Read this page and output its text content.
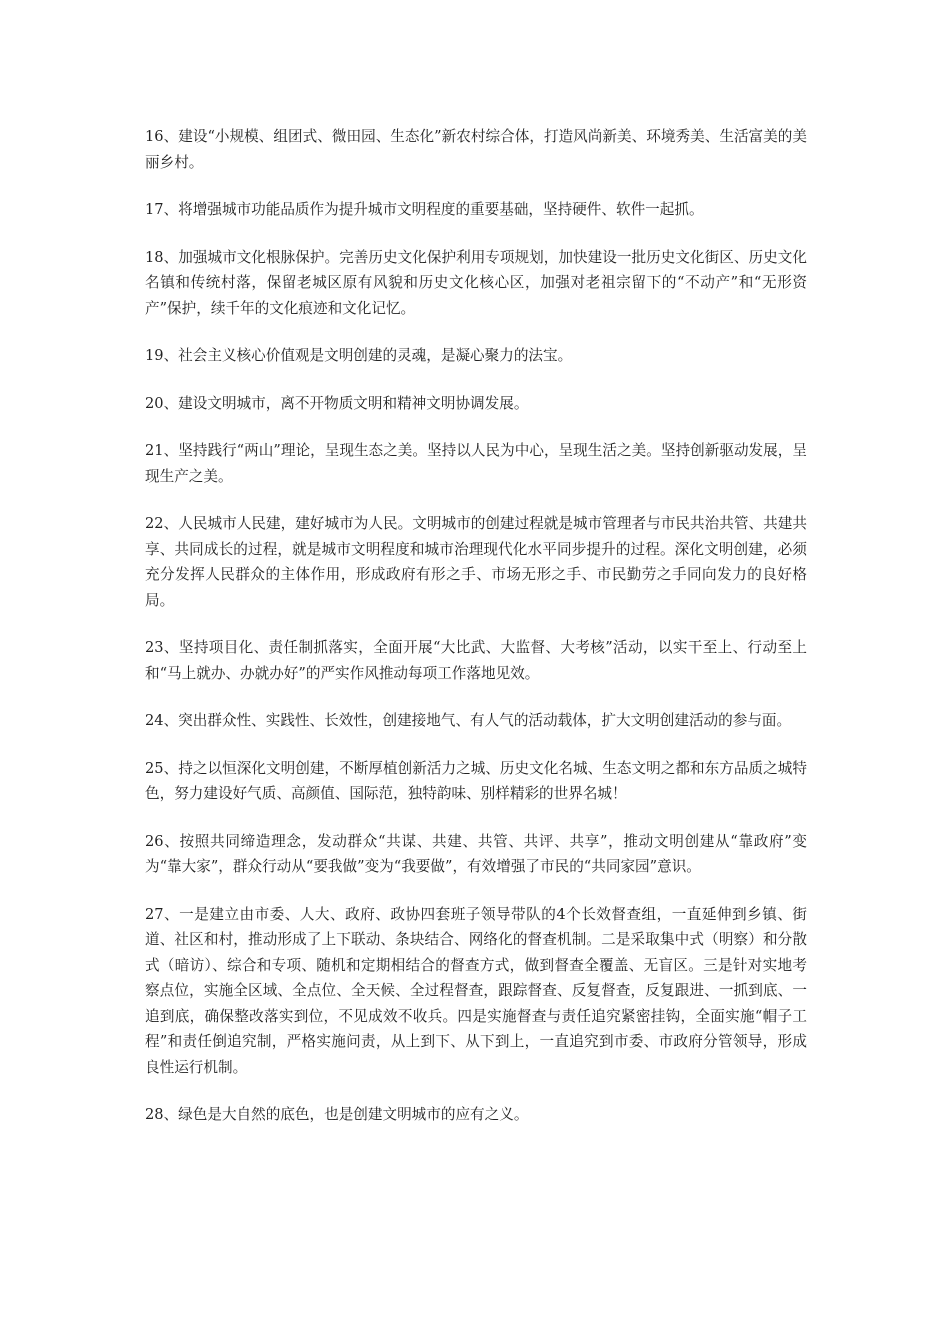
16、建设“小规模、组团式、微田园、生态化”新农村综合体，打造风尚新美、环境秀美、生活富美的美丽乡村。

17、将增强城市功能品质作为提升城市文明程度的重要基础，坚持硬件、软件一起抓。

18、加强城市文化根脉保护。完善历史文化保护利用专项规划，加快建设一批历史文化街区、历史文化名镇和传统村落，保留老城区原有风貌和历史文化核心区，加强对老祖宗留下的“不动产”和“无形资产”保护，续千年的文化痕迹和文化记忆。

19、社会主义核心价值观是文明创建的灵魂，是凝心聚力的法宝。

20、建设文明城市，离不开物质文明和精神文明协调发展。

21、坚持践行“两山”理论，呈现生态之美。坚持以人民为中心，呈现生活之美。坚持创新驱动发展，呈现生产之美。

22、人民城市人民建，建好城市为人民。文明城市的创建过程就是城市管理者与市民共治共管、共建共享、共同成长的过程，就是城市文明程度和城市治理现代化水平同步提升的过程。深化文明创建，必须充分发挥人民群众的主体作用，形成政府有形之手、市场无形之手、市民勤劳之手同向发力的良好格局。

23、坚持项目化、责任制抓落实，全面开展“大比武、大监督、大考核”活动，以实干至上、行动至上和“马上就办、办就办好”的严实作风推动每项工作落地见效。

24、突出群众性、实践性、长效性，创建接地气、有人气的活动载体，扩大文明创建活动的参与面。

25、持之以恒深化文明创建，不断厚植创新活力之城、历史文化名城、生态文明之都和东方品质之城特色，努力建设好气质、高颜值、国际范，独特韵味、别样精彩的世界名城！

26、按照共同缔造理念，发动群众“共谋、共建、共管、共评、共享”，推动文明创建从“靠政府”变为“靠大家”，群众行动从“要我做”变为“我要做”，有效增强了市民的“共同家园”意识。

27、一是建立由市委、人大、政府、政协四套班子领导带队的4个长效督查组，一直延伸到乡镇、街道、社区和村，推动形成了上下联动、条块结合、网络化的督查机制。二是采取集中式（明察）和分散式（暗访）、综合和专项、随机和定期相结合的督查方式，做到督查全覆盖、无盲区。三是针对实地考察点位，实施全区域、全点位、全天候、全过程督查，跟踪督查、反复督查，反复跟进、一抓到底、一追到底，确保整改落实到位，不见成效不收兵。四是实施督查与责任追究紧密挂钩，全面实施“帽子工程”和责任倒追究制，严格实施问责，从上到下、从下到上，一直追究到市委、市政府分管领导，形成良性运行机制。

28、绿色是大自然的底色，也是创建文明城市的应有之义。
